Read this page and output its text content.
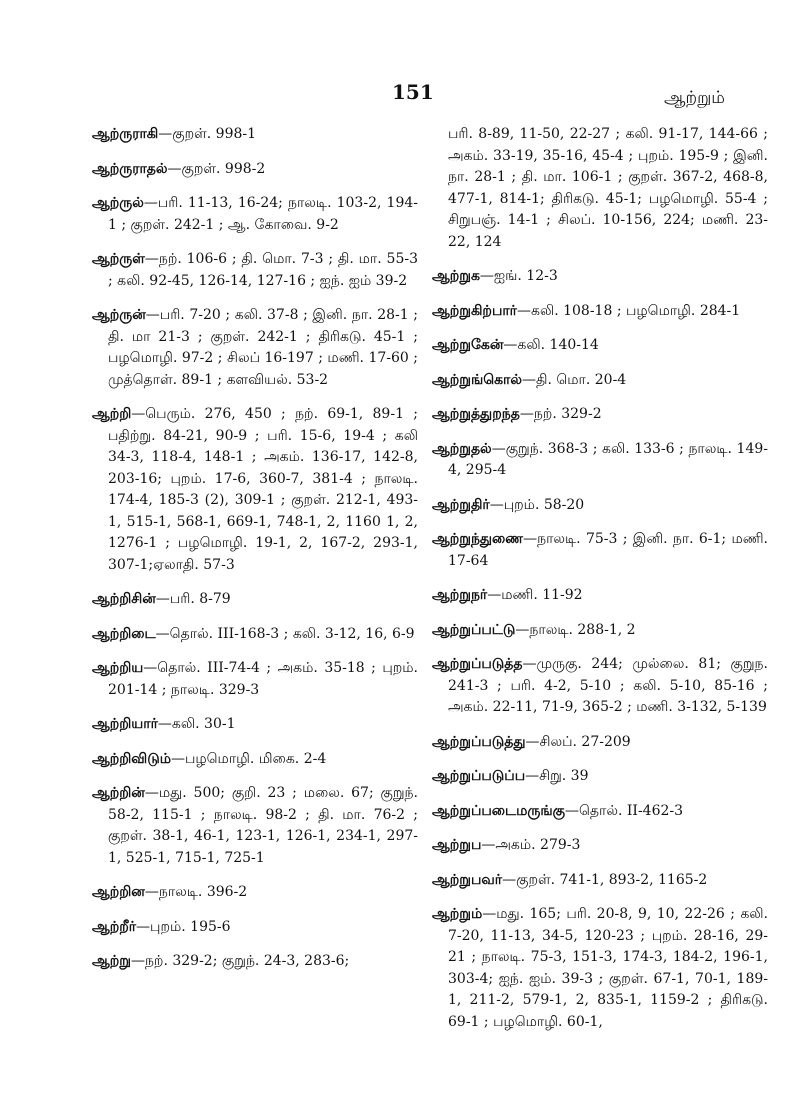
151	ஆற்றும்
ஆற்ருராகி—குறள். 998-1
ஆற்ருராதல்—குறள். 998-2
ஆற்ருல்—பரி. 11-13, 16-24; நாலடி. 103-2, 194-1 ; குறள். 242-1 ; ஆ. கோவை. 9-2
ஆற்ருள்—நற். 106-6 ; தி. மொ. 7-3 ; தி. மா. 55-3 ; கலி. 92-45, 126-14, 127-16 ; ஐந். ஐம் 39-2
ஆற்ருன்—பரி. 7-20 ; கலி. 37-8 ; இனி. நா. 28-1 ; தி. மா 21-3 ; குறள். 242-1 ; திரிகடு. 45-1 ; பழமொழி. 97-2 ; சிலப் 16-197 ; மணி. 17-60 ; முத்தொள். 89-1 ; களவியல். 53-2
ஆற்றி—பெரும். 276, 450 ; நற். 69-1, 89-1 ; பதிற்று. 84-21, 90-9 ; பரி. 15-6, 19-4 ; கலி 34-3, 118-4, 148-1 ; அகம். 136-17, 142-8, 203-16; புறம். 17-6, 360-7, 381-4 ; நாலடி. 174-4, 185-3 (2), 309-1 ; குறள். 212-1, 493-1, 515-1, 568-1, 669-1, 748-1, 2, 1160 1, 2, 1276-1 ; பழமொழி. 19-1, 2, 167-2, 293-1, 307-1;ஏலாதி. 57-3
ஆற்றிசின்—பரி. 8-79
ஆற்றிடை—தொல். III-168-3 ; கலி. 3-12, 16, 6-9
ஆற்றிய—தொல். III-74-4 ; அகம். 35-18 ; புறம். 201-14 ; நாலடி. 329-3
ஆற்றியார்—கலி. 30-1
ஆற்றிவிடும்—பழமொழி. மிகை. 2-4
ஆற்றின்—மது. 500; குறி. 23 ; மலை. 67; குறுந். 58-2, 115-1 ; நாலடி. 98-2 ; தி. மா. 76-2 ; குறள். 38-1, 46-1, 123-1, 126-1, 234-1, 297-1, 525-1, 715-1, 725-1
ஆற்றின—நாலடி. 396-2
ஆற்றீர்—புறம். 195-6
ஆற்று—நற். 329-2; குறுந். 24-3, 283-6;
பரி. 8-89, 11-50, 22-27 ; கலி. 91-17, 144-66 ; அகம். 33-19, 35-16, 45-4 ; புறம். 195-9 ; இனி. நா. 28-1 ; தி. மா. 106-1 ; குறள். 367-2, 468-8, 477-1, 814-1; திரிகடு. 45-1; பழமொழி. 55-4 ; சிறுபஞ். 14-1 ; சிலப். 10-156, 224; மணி. 23-22, 124
ஆற்றுக—ஐங். 12-3
ஆற்றுகிற்பார்—கலி. 108-18 ; பழமொழி. 284-1
ஆற்றுகேன்—கலி. 140-14
ஆற்றுங்கொல்—தி. மொ. 20-4
ஆற்றுத்துறந்த—நற். 329-2
ஆற்றுதல்—குறுந். 368-3 ; கலி. 133-6 ; நாலடி. 149-4, 295-4
ஆற்றுதிர்—புறம். 58-20
ஆற்றுந்துணை—நாலடி. 75-3 ; இனி. நா. 6-1; மணி. 17-64
ஆற்றுநர்—மணி. 11-92
ஆற்றுப்பட்டு—நாலடி. 288-1, 2
ஆற்றுப்படுத்த—முருகு. 244; முல்லை. 81; குறுந. 241-3 ; பரி. 4-2, 5-10 ; கலி. 5-10, 85-16 ; அகம். 22-11, 71-9, 365-2 ; மணி. 3-132, 5-139
ஆற்றுப்படுத்து—சிலப். 27-209
ஆற்றுப்படுப்ப—சிறு. 39
ஆற்றுப்படைமருங்கு—தொல். II-462-3
ஆற்றுப—அகம். 279-3
ஆற்றுபவர்—குறள். 741-1, 893-2, 1165-2
ஆற்றும்—மது. 165; பரி. 20-8, 9, 10, 22-26 ; கலி. 7-20, 11-13, 34-5, 120-23 ; புறம். 28-16, 29-21 ; நாலடி. 75-3, 151-3, 174-3, 184-2, 196-1, 303-4; ஐந். ஐம். 39-3 ; குறள். 67-1, 70-1, 189-1, 211-2, 579-1, 2, 835-1, 1159-2 ; திரிகடு. 69-1 ; பழமொழி. 60-1,
